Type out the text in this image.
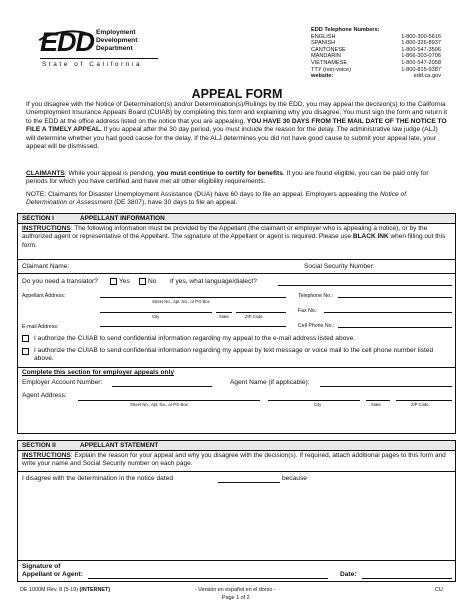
EDD Employment
Development
Department
State of California
EDD Telephone Numbers:
ENGLISH	1-800-300-5616
SPANISH	1-800-326-8937
CANTONESE	1-800-547-3506
MANDARIN	1-866-303-0706
VIETNAMESE	1-800-547-2058
TTY (non-voice)	1-800-815-9387
website:	edd.ca.gov
APPEAL FORM
If you disagree with the Notice of Determination(s) and/or Determination(s)/Rulings by the EDD, you may appeal the decision(s) to the California Unemployment Insurance Appeals Board (CUIAB) by completing this form and explaining why you disagree. You must sign the form and return it to the EDD at the office address listed on the notice that you are appealing. YOU HAVE 30 DAYS FROM THE MAIL DATE OF THE NOTICE TO FILE A TIMELY APPEAL. If you appeal after the 30 day period, you must include the reason for the delay. The administrative law judge (ALJ) will determine whether you had good cause for the delay. If the ALJ determines you did not have good cause to submit your appeal late, your appeal will be dismissed.
CLAIMANTS: While your appeal is pending, you must continue to certify for benefits. If you are found eligible, you can be paid only for periods for which you have certified and have met all other eligibility requirements.
NOTE: Claimants for Disaster Unemployment Assistance (DUA) have 60 days to file an appeal. Employers appealing the Notice of Determination or Assessment (DE 3807), have 30 days to file an appeal.
SECTION I	APPELLANT INFORMATION
INSTRUCTIONS: The following information must be provided by the Appellant (the claimant or employer who is appealing a notice), or by the authorized agent or representative of the Appellant. The signature of the Appellant or agent is required. Please use BLACK INK when filling out this form.
Claimant Name:	Social Security Number:
Do you need a translator?	Yes	No If yes, what language/dialect?
Appellant Address:
Street No., Apt. No., or PO Box
Telephone No.:
City	State	ZIP Code
Fax No.:
E-mail Address:	Cell Phone No.:
I authorize the CUIAB to send confidential information regarding my appeal to the e-mail address listed above.
I authorize the CUIAB to send confidential information regarding my appeal by text message or voice mail to the cell phone number listed above.
Complete this section for employer appeals only
Employer Account Number:	Agent Name (if applicable):
Agent Address:
Street No., Apt. No., or PO Box	City	State	ZIP Code
SECTION II	APPELLANT STATEMENT
INSTRUCTIONS: Explain the reason for your appeal and why you disagree with the decision(s). If required, attach additional pages to this form and write your name and Social Security number on each page.
I disagree with the determination in the notice dated	because
Signature of
Appellant or Agent:	Date:
DE 1000M Rev. 8 (5-19) (INTERNET)	- Versión en español en el dorso -
Page 1 of 2
CU
